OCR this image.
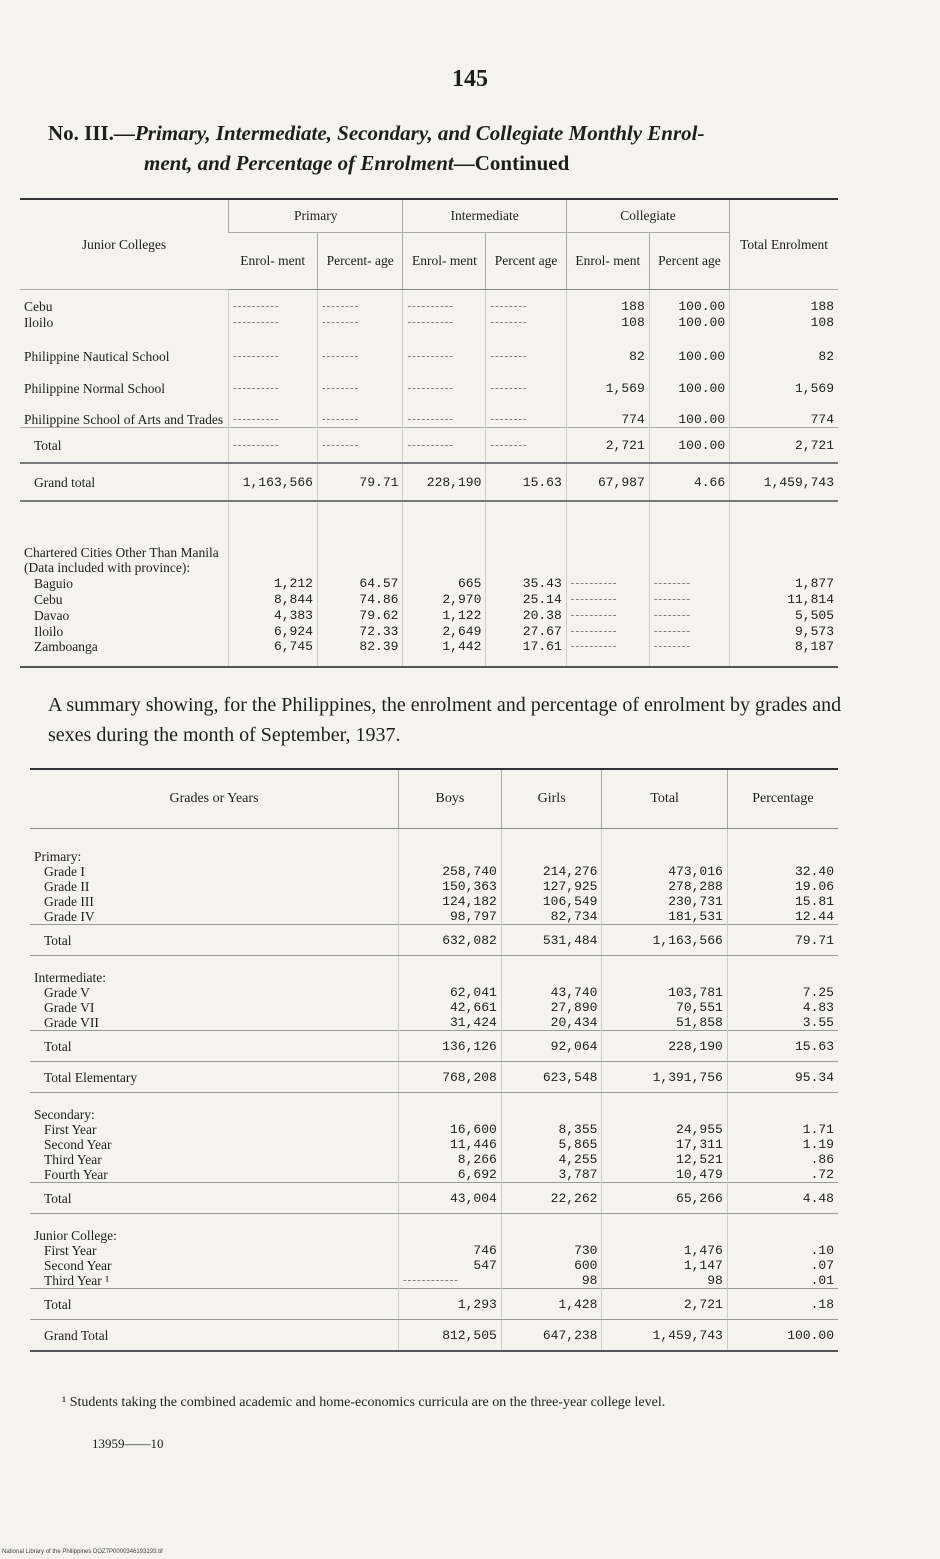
145
No. III.—Primary, Intermediate, Secondary, and Collegiate Monthly Enrol-
ment, and Percentage of Enrolment—Continued
Junior Colleges	Primary		Intermediate		Collegiate		Total Enrolment
	Enrol- ment	Percent- age	Enrol- ment	Percent age	Enrol- ment	Percent age	
Cebu	----------	--------	----------	--------	188	100.00	188
Iloilo	----------	--------	----------	--------	108	100.00	108
Philippine Nautical School	----------	--------	----------	--------	82	100.00	82
Philippine Normal School	----------	--------	----------	--------	1,569	100.00	1,569
Philippine School of Arts and Trades	----------	--------	----------	--------	774	100.00	774
Total	----------	--------	----------	--------	2,721	100.00	2,721
Grand total	1,163,566	79.71	228,190	15.63	67,987	4.66	1,459,743
Chartered Cities Other Than Manila (Data included with province):							
Baguio	1,212	64.57	665	35.43	----------	--------	1,877
Cebu	8,844	74.86	2,970	25.14	----------	--------	11,814
Davao	4,383	79.62	1,122	20.38	----------	--------	5,505
Iloilo	6,924	72.33	2,649	27.67	----------	--------	9,573
Zamboanga	6,745	82.39	1,442	17.61	----------	--------	8,187
A summary showing, for the Philippines, the enrolment and percentage of enrolment by grades and sexes during the month of September, 1937.
Grades or Years	Boys	Girls	Total	Percentage
Primary:				
Grade I	258,740	214,276	473,016	32.40
Grade II	150,363	127,925	278,288	19.06
Grade III	124,182	106,549	230,731	15.81
Grade IV	98,797	82,734	181,531	12.44
Total	632,082	531,484	1,163,566	79.71
Intermediate:				
Grade V	62,041	43,740	103,781	7.25
Grade VI	42,661	27,890	70,551	4.83
Grade VII	31,424	20,434	51,858	3.55
Total	136,126	92,064	228,190	15.63
Total Elementary	768,208	623,548	1,391,756	95.34
Secondary:				
First Year	16,600	8,355	24,955	1.71
Second Year	11,446	5,865	17,311	1.19
Third Year	8,266	4,255	12,521	.86
Fourth Year	6,692	3,787	10,479	.72
Total	43,004	22,262	65,266	4.48
Junior College:				
First Year	746	730	1,476	.10
Second Year	547	600	1,147	.07
Third Year ¹	------------	98	98	.01
Total	1,293	1,428	2,721	.18
Grand Total	812,505	647,238	1,459,743	100.00
¹ Students taking the combined academic and home-economics curricula are on the three-year college level.
13959——10
National Library of the Philippines DOZ7P0000346193193.tif
